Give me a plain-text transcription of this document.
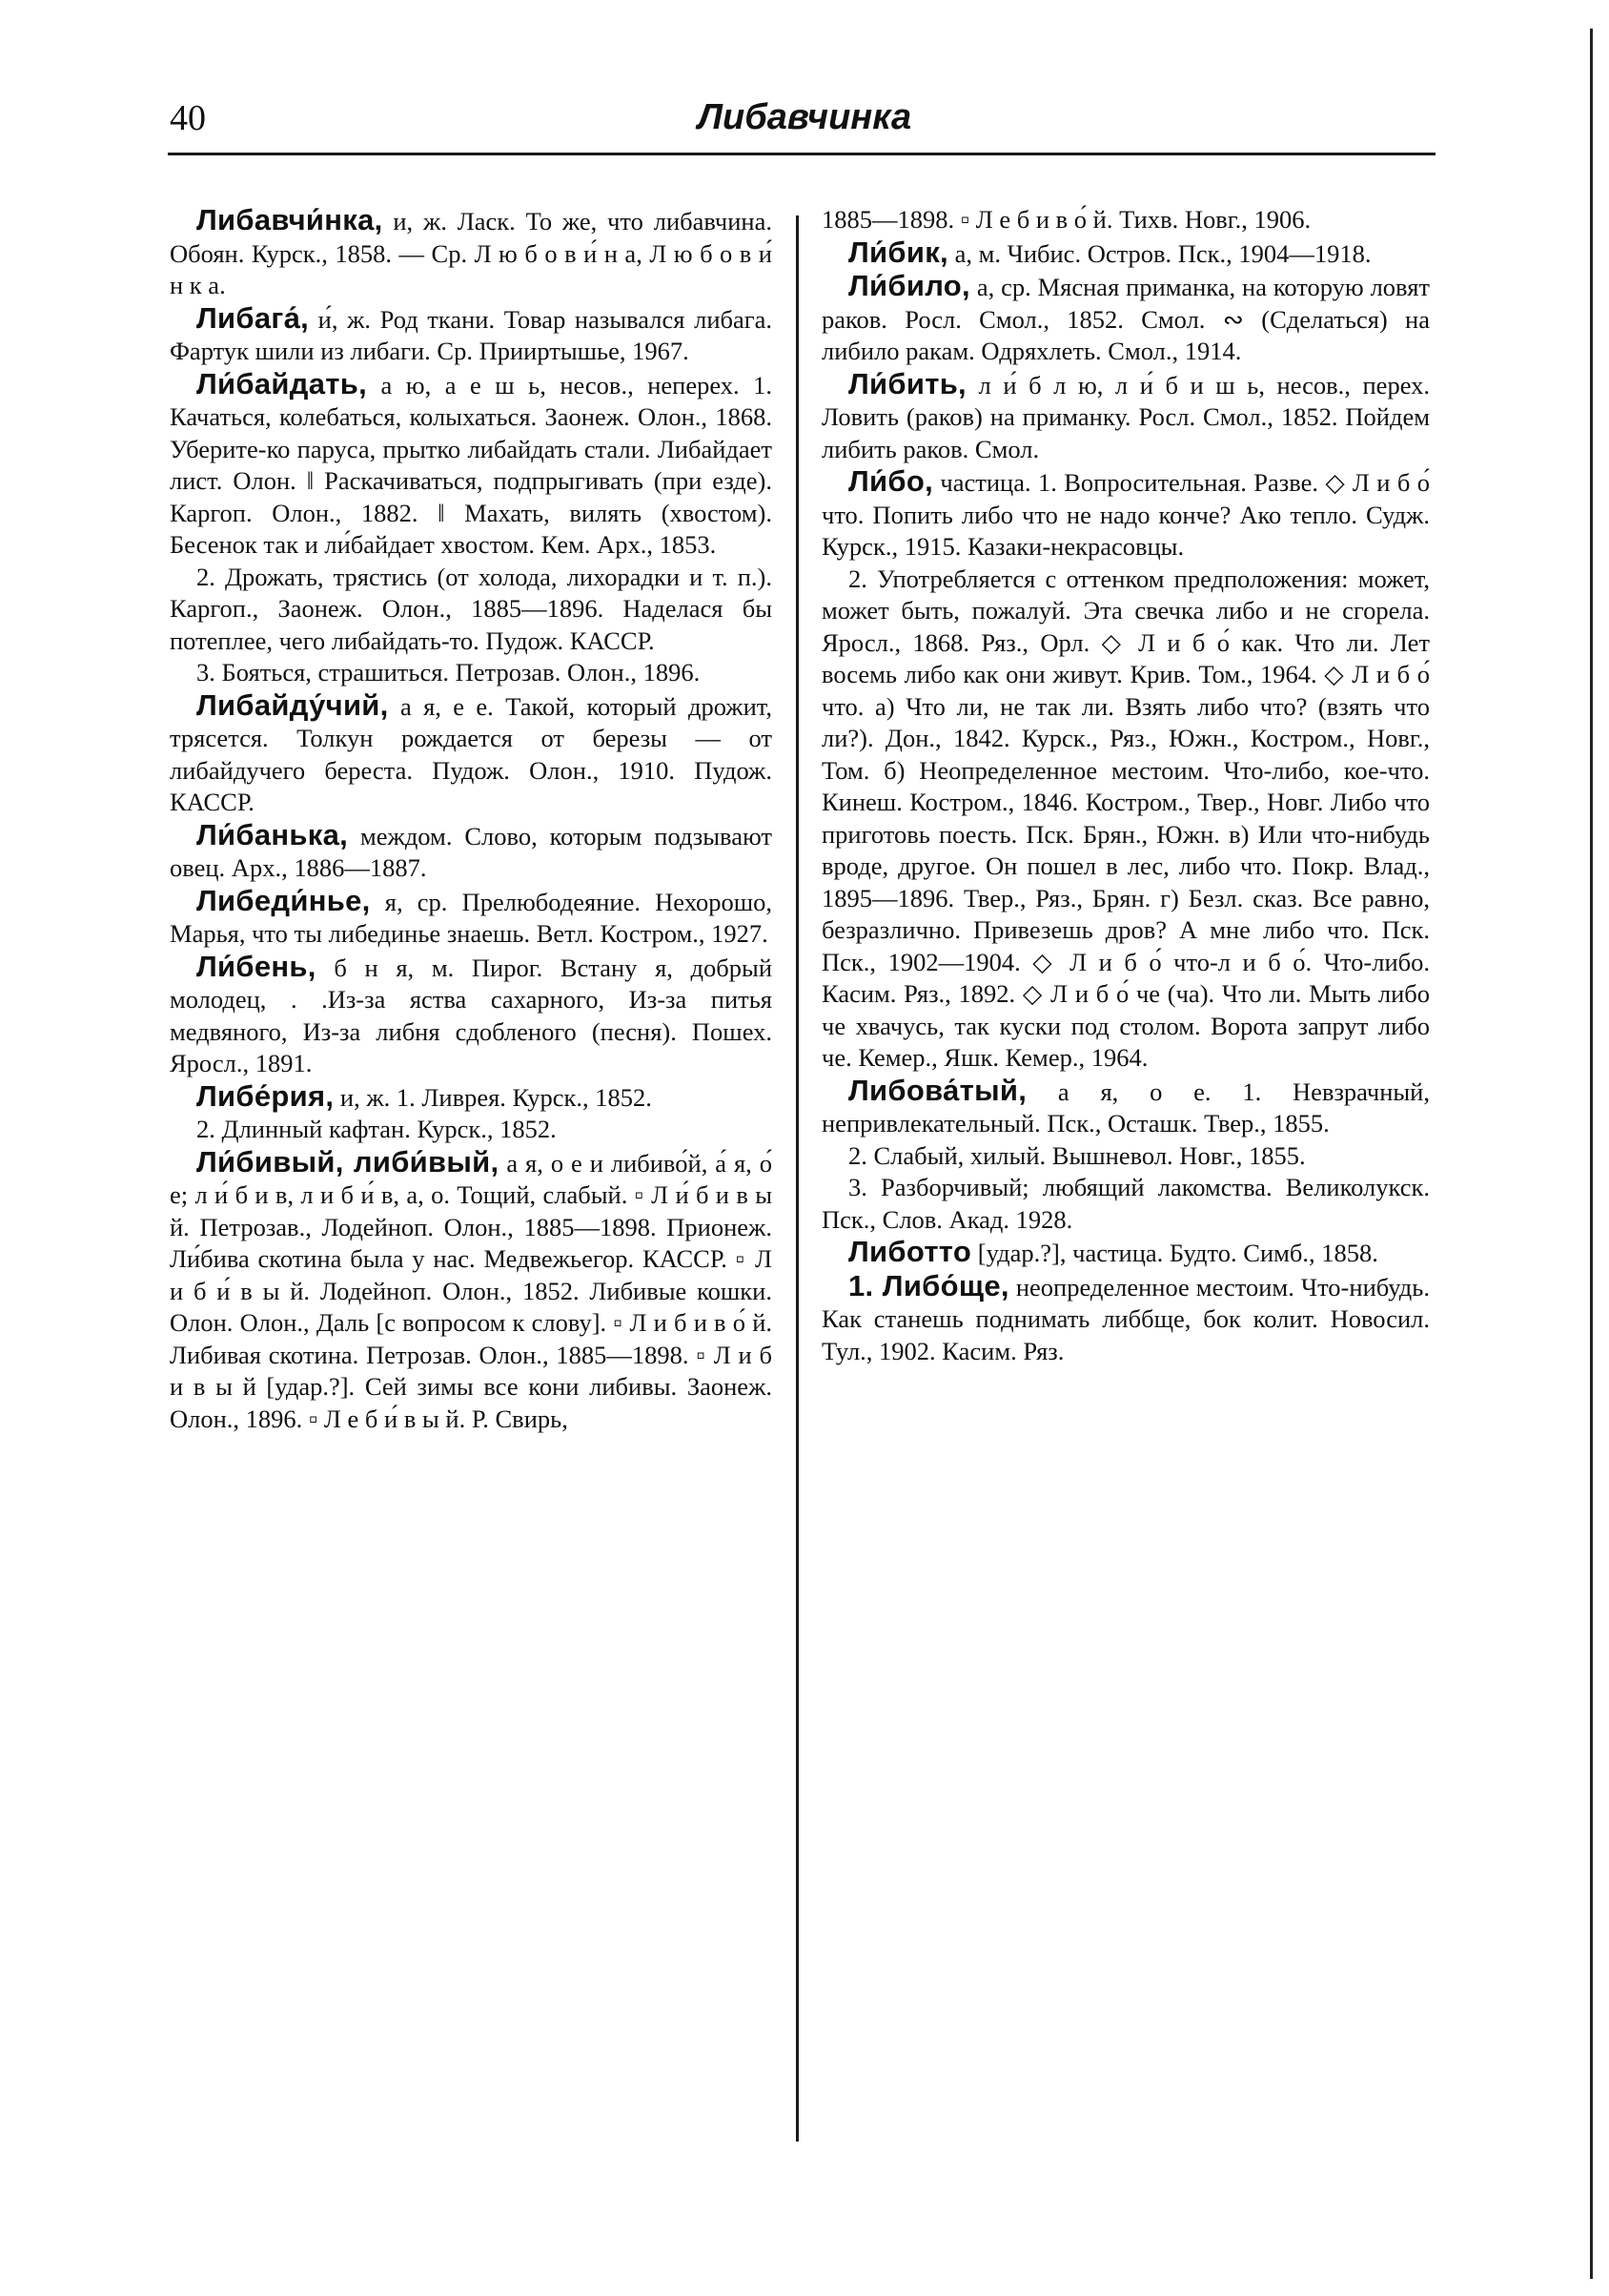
40	Либавчинка

Либавчи́нка, и, ж. Ласк. То же, что либавчина. Обоян. Курск., 1858. — Ср. Л ю б о в и́ н а, Л ю б о в и́ н к а.

Либага́, и́, ж. Род ткани. Товар назывался либага. Фартук шили из либаги. Ср. Прииртышье, 1967.

Ли́байдать, а ю, а е ш ь, несов., неперех. 1. Качаться, колебаться, колыхаться. Заонеж. Олон., 1868. Уберите-ко паруса, прытко либайдать стали. Либайдает лист. Олон. ‖ Раскачиваться, подпрыгивать (при езде). Каргоп. Олон., 1882. ‖ Махать, вилять (хвостом). Бесенок так и ли́байдает хвостом. Кем. Арх., 1853.

2. Дрожать, трястись (от холода, лихорадки и т. п.). Каргоп., Заонеж. Олон., 1885—1896. Наделася бы потеплее, чего либайдать-то. Пудож. КАССР.

3. Бояться, страшиться. Петрозав. Олон., 1896.

Либайду́чий, а я, е е. Такой, который дрожит, трясется. Толкун рождается от березы — от либайдучего береста. Пудож. Олон., 1910. Пудож. КАССР.

Ли́банька, междом. Слово, которым подзывают овец. Арх., 1886—1887.

Либеди́нье, я, ср. Прелюбодеяние. Нехорошо, Марья, что ты либединье знаешь. Ветл. Костром., 1927.

Ли́бень, б н я, м. Пирог. Встану я, добрый молодец, . .Из-за яства сахарного, Из-за питья медвяного, Из-за либня сдобленого (песня). Пошех. Яросл., 1891.

Либе́рия, и, ж. 1. Ливрея. Курск., 1852.

2. Длинный кафтан. Курск., 1852.

Ли́бивый, либи́вый, а я, о е и либиво́й, а́ я, о́ е; л и́ б и в, л и б и́ в, а, о. Тощий, слабый. ▫ Л и́ б и в ы й. Петрозав., Лодейноп. Олон., 1885—1898. Прионеж. Ли́бива скотина была у нас. Медвежьегор. КАССР. ▫ Л и б и́ в ы й. Лодейноп. Олон., 1852. Либивые кошки. Олон. Олон., Даль [с вопросом к слову]. ▫ Л и б и в о́ й. Либивая скотина. Петрозав. Олон., 1885—1898. ▫ Л и б и в ы й [удар.?]. Сей зимы все кони либивы. Заонеж. Олон., 1896. ▫ Л е б и́ в ы й. Р. Свирь,

1885—1898. ▫ Л е б и в о́ й. Тихв. Новг., 1906.

Ли́бик, а, м. Чибис. Остров. Пск., 1904—1918.

Ли́било, а, ср. Мясная приманка, на которую ловят раков. Росл. Смол., 1852. Смол. ∾ (Сделаться) на либило ракам. Одряхлеть. Смол., 1914.

Ли́бить, л и́ б л ю, л и́ б и ш ь, несов., перех. Ловить (раков) на приманку. Росл. Смол., 1852. Пойдем либить раков. Смол.

Ли́бо, частица. 1. Вопросительная. Разве. ◇ Л и б о́ что. Попить либо что не надо конче? Ако тепло. Судж. Курск., 1915. Казаки-некрасовцы.

2. Употребляется с оттенком предположения: может, может быть, пожалуй. Эта свечка либо и не сгорела. Яросл., 1868. Ряз., Орл. ◇ Л и б о́ как. Что ли. Лет восемь либо как они живут. Крив. Том., 1964. ◇ Л и б о́ что. а) Что ли, не так ли. Взять либо что? (взять что ли?). Дон., 1842. Курск., Ряз., Южн., Костром., Новг., Том. б) Неопределенное местоим. Что-либо, кое-что. Кинеш. Костром., 1846. Костром., Твер., Новг. Либо что приготовь поесть. Пск. Брян., Южн. в) Или что-нибудь вроде, другое. Он пошел в лес, либо что. Покр. Влад., 1895—1896. Твер., Ряз., Брян. г) Безл. сказ. Все равно, безразлично. Привезешь дров? А мне либо что. Пск. Пск., 1902—1904. ◇ Л и б о́ что-л и б о́. Что-либо. Касим. Ряз., 1892. ◇ Л и б о́ че (ча). Что ли. Мыть либо че хвачусь, так куски под столом. Ворота запрут либо че. Кемер., Яшк. Кемер., 1964.

Либова́тый, а я, о е. 1. Невзрачный, непривлекательный. Пск., Осташк. Твер., 1855.

2. Слабый, хилый. Вышневол. Новг., 1855.

3. Разборчивый; любящий лакомства. Великолукск. Пск., Слов. Акад. 1928.

Либотто [удар.?], частица. Будто. Симб., 1858.

1. Либо́ще, неопределенное местоим. Что-нибудь. Как станешь поднимать либбще, бок колит. Новосил. Тул., 1902. Касим. Ряз.
